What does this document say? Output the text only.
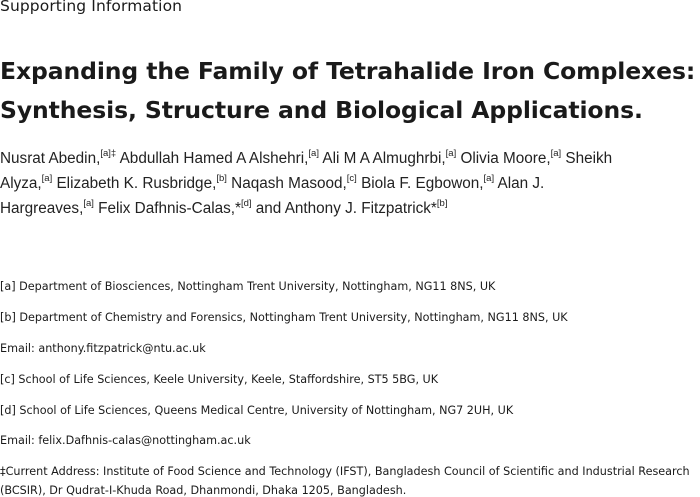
Supporting Information
Expanding the Family of Tetrahalide Iron Complexes:
Synthesis, Structure and Biological Applications.
Nusrat Abedin,$^{[a]\ddagger}$ Abdullah Hamed A Alshehri,[a] Ali M A Almughrbi,[a] Olivia Moore,[a] Sheikh
Alyza,[a] Elizabeth K. Rusbridge,[b] Naqash Masood,[c] Biola F. Egbowon,[a] Alan J.
Hargreaves,[a] Felix Dafhnis-Calas,*[d] and Anthony J. Fitzpatrick*[b]
[a] Department of Biosciences, Nottingham Trent University, Nottingham, NG11 8NS, UK
[b] Department of Chemistry and Forensics, Nottingham Trent University, Nottingham, NG11 8NS, UK
Email: anthony.fitzpatrick@ntu.ac.uk
[c] School of Life Sciences, Keele University, Keele, Staffordshire, ST5 5BG, UK
[d] School of Life Sciences, Queens Medical Centre, University of Nottingham, NG7 2UH, UK
Email: felix.Dafhnis-calas@nottingham.ac.uk
‡Current Address: Institute of Food Science and Technology (IFST), Bangladesh Council of Scientific and Industrial Research
(BCSIR), Dr Qudrat-I-Khuda Road, Dhanmondi, Dhaka 1205, Bangladesh.
